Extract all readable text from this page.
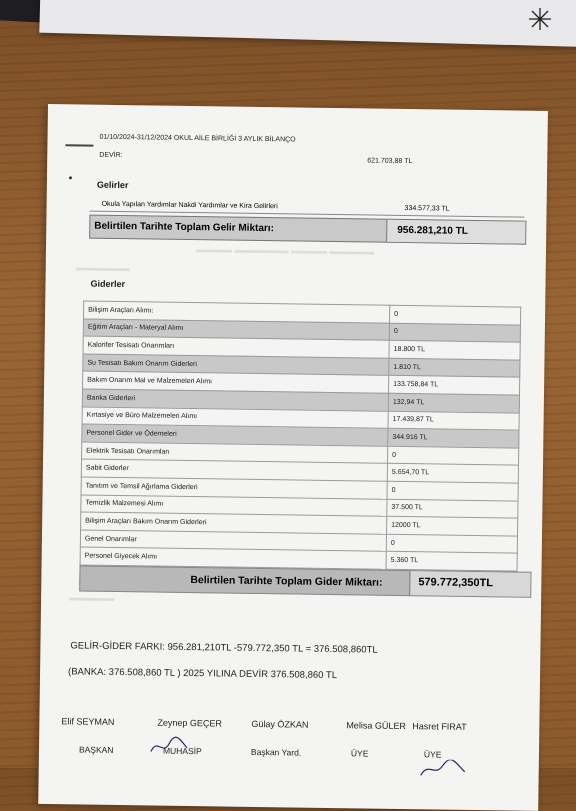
01/10/2024-31/12/2024 OKUL AİLE BİRLİĞİ 3 AYLIK BİLANÇO
DEVİR:
621.703,88 TL
Gelirler
Okula Yapılan Yardımlar Nakdi Yardımlar ve Kira Gelirleri	334.577,33 TL
Belirtilen Tarihte Toplam Gelir Miktarı:	956.281,210 TL
▬▬▬▬ ▬▬▬▬▬▬ ▬▬▬▬ ▬▬▬▬▬
▬▬▬▬▬▬
Giderler
Bilişim Araçları Alımı:	0
Eğitim Araçları - Materyal Alımı	0
Kalorifer Tesisatı Onarımları	18.800 TL
Su Tesisatı Bakım Onarım Giderleri	1.810 TL
Bakım Onarım Mal ve Malzemeleri Alımı	133.758,84 TL
Banka Giderleri	132,94 TL
Kırtasiye ve Büro Malzemeleri Alımı	17.439,87 TL
Personel Gider ve Ödemeleri	344.916 TL
Elektrik Tesisatı Onarımları	0
Sabit Giderler	5.654,70 TL
Tanıtım ve Temsil Ağırlama Giderleri	0
Temizlik Malzemesi Alımı	37.500 TL
Bilişim Araçları Bakım Onarım Giderleri	12000 TL
Genel Onarımlar	0
Personel Giyecek Alımı	5.360 TL

Belirtilen Tarihte Toplam Gider Miktarı:	579.772,350TL
▬▬▬▬▬
GELİR-GİDER FARKI: 956.281,210TL -579.772,350 TL = 376.508,860TL
(BANKA: 376.508,860 TL ) 2025 YILINA DEVİR 376.508,860 TL
Elif SEYMAN	Zeynep GEÇER	Gülay ÖZKAN	Melisa GÜLER Hasret FIRAT
BAŞKAN	MUHASİP	Başkan Yard.	ÜYE	ÜYE
